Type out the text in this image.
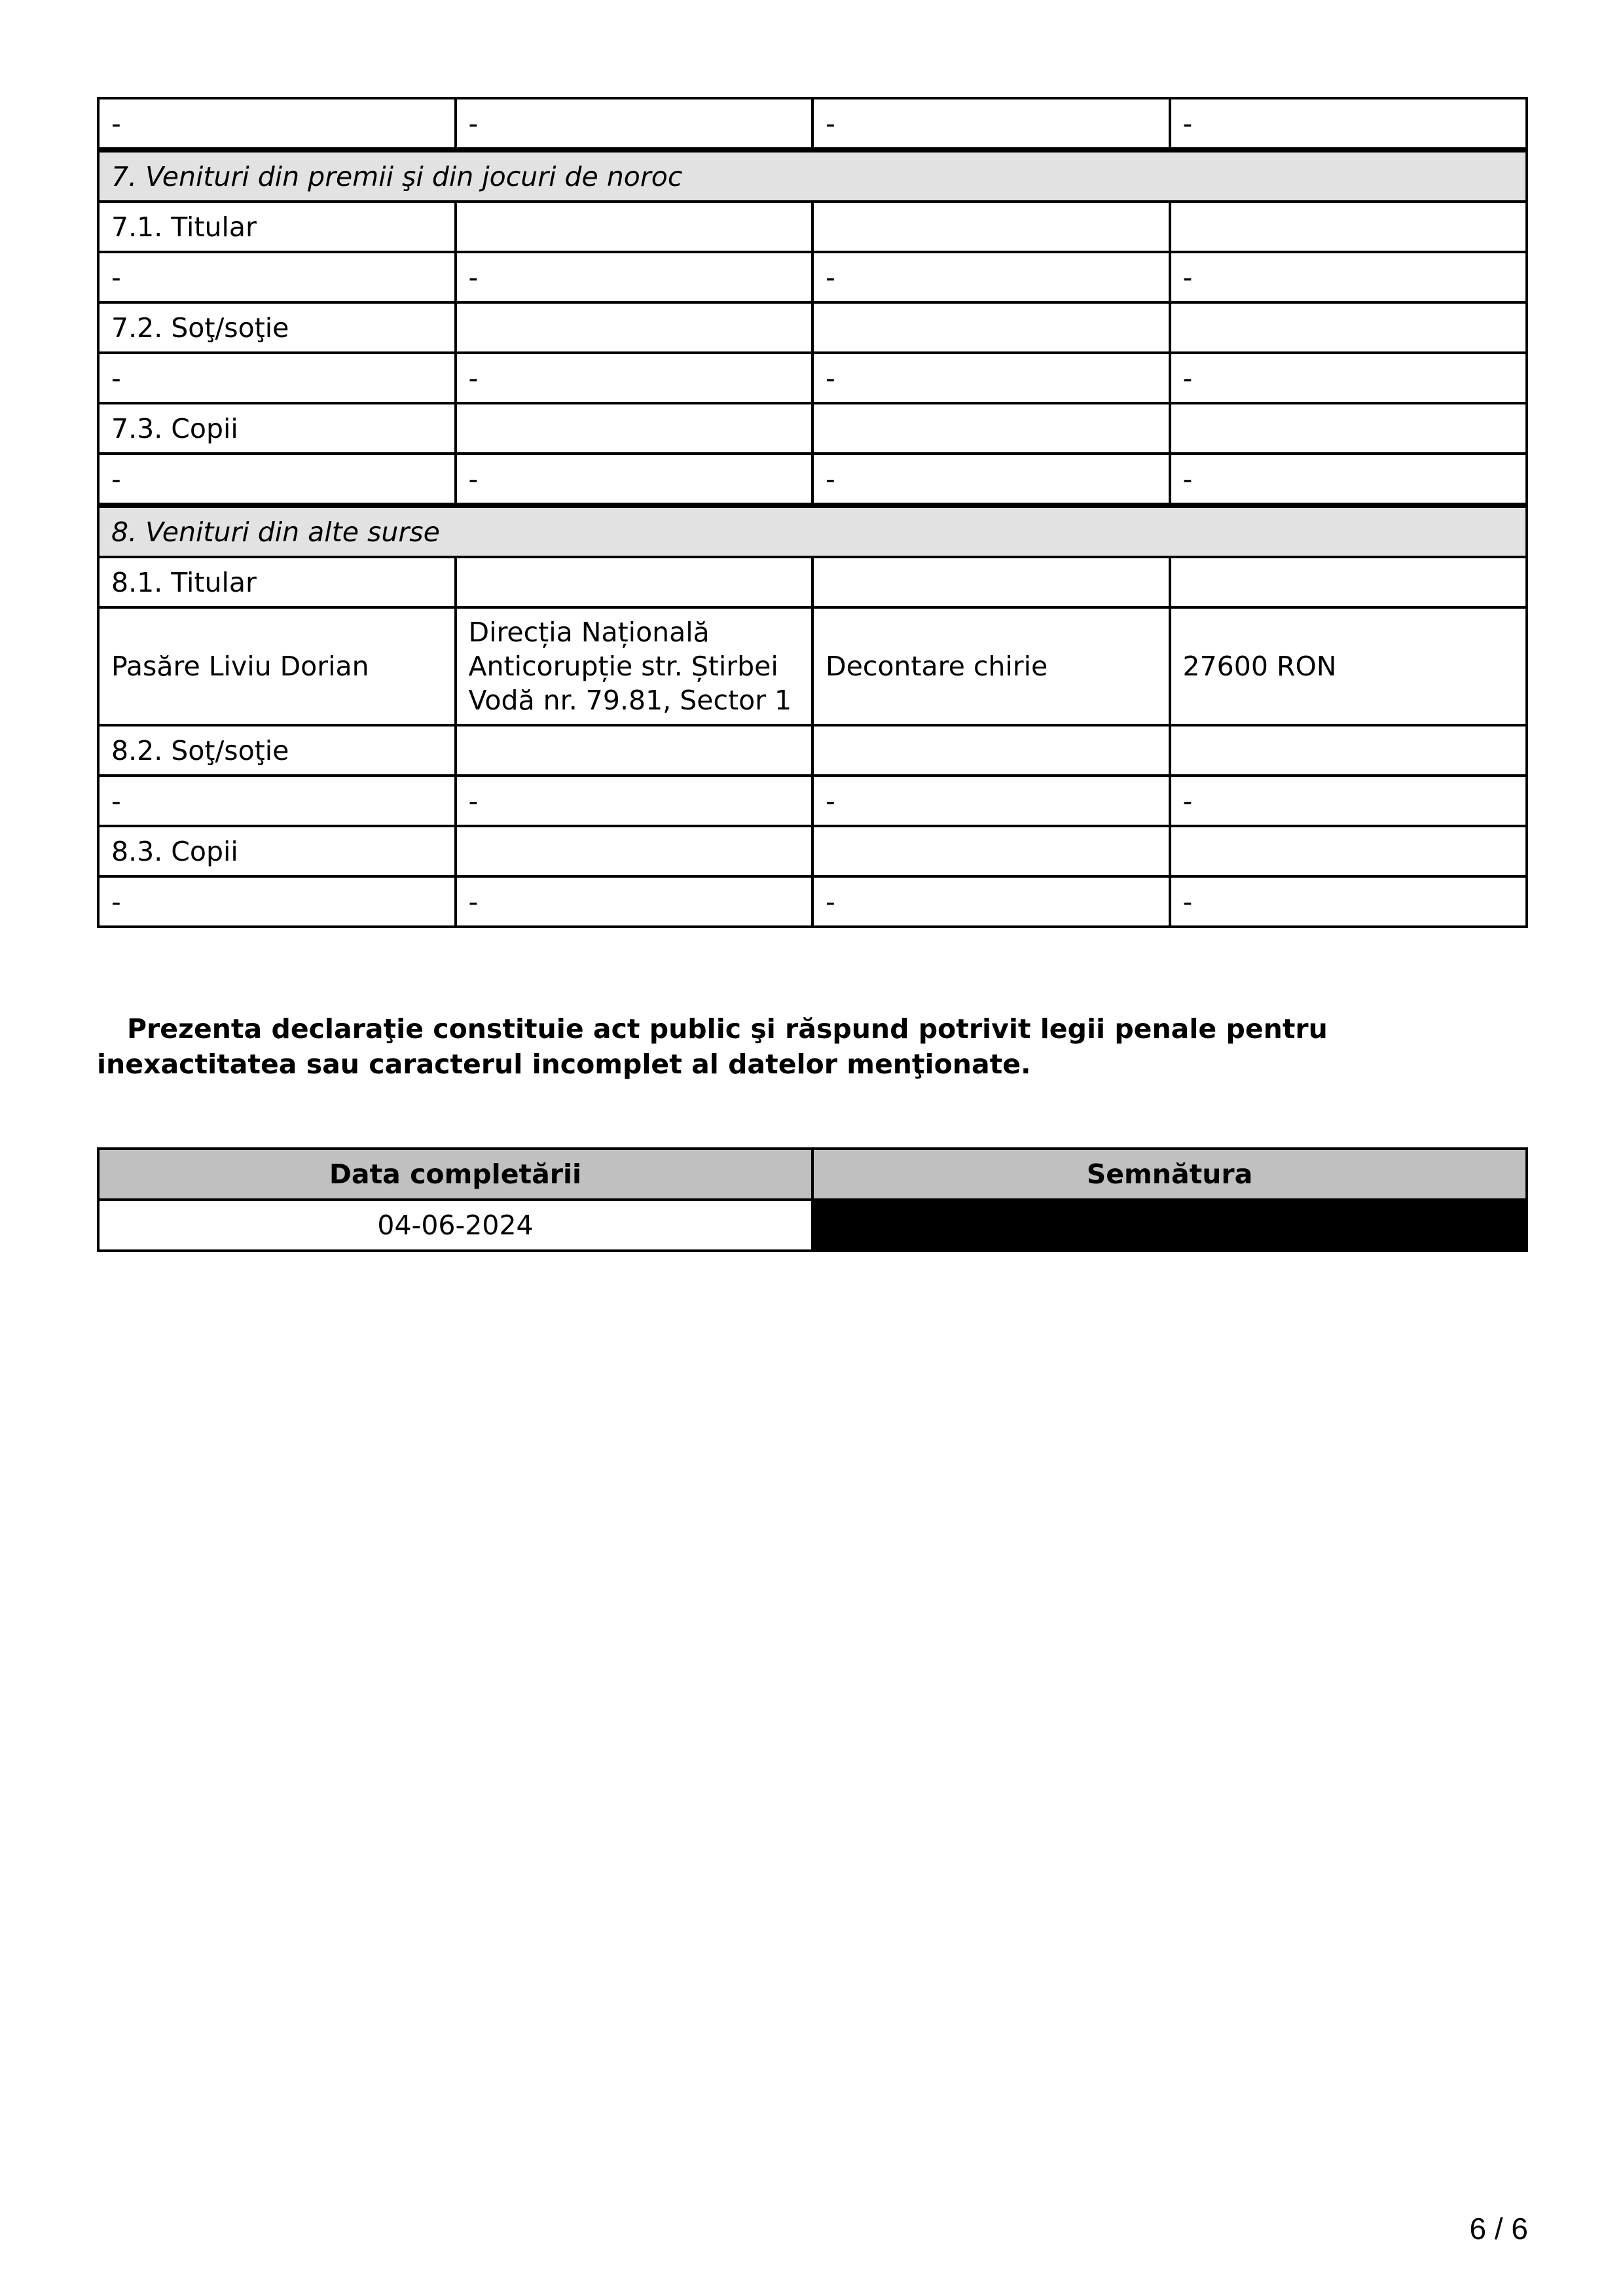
-	-	-	-
7. Venituri din premii şi din jocuri de noroc			
7.1. Titular			
-	-	-	-
7.2. Soţ/soţie			
-	-	-	-
7.3. Copii			
-	-	-	-
8. Venituri din alte surse			
8.1. Titular			
Pasăre Liviu Dorian	Direcția Națională Anticorupție str. Știrbei Vodă nr. 79.81, Sector 1	Decontare chirie	27600 RON
8.2. Soţ/soţie			
-	-	-	-
8.3. Copii			
-	-	-	-

Prezenta declaraţie constituie act public şi răspund potrivit legii penale pentru inexactitatea sau caracterul incomplet al datelor menţionate.

Data completării	Semnătura
04-06-2024	
6 / 6
